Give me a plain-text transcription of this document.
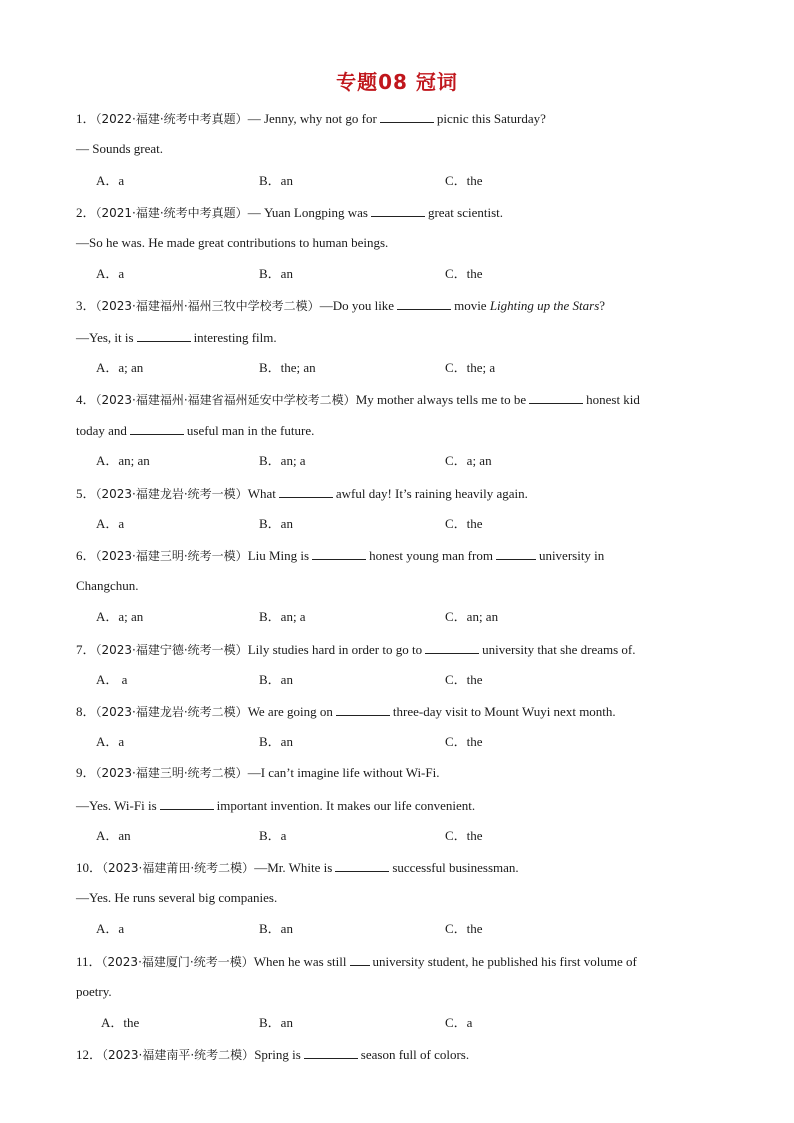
专题08 冠词
1．（2022·福建·统考中考真题）— Jenny, why not go for	picnic this Saturday?
— Sounds great.
A．a	B．an	C．the
2．（2021·福建·统考中考真题）— Yuan Longping was	great scientist.
—So he was. He made great contributions to human beings.
A．a	B．an	C．the
3．（2023·福建福州·福州三牧中学校考二模）—Do you like	movie Lighting up the Stars?
—Yes, it is	interesting film.
A．a; an	B．the; an	C．the; a
4．（2023·福建福州·福建省福州延安中学校考二模）My mother always tells me to be	honest kid
today and	useful man in the future.
A．an; an	B．an; a	C．a; an
5．（2023·福建龙岩·统考一模）What	awful day! It’s raining heavily again.
A．a	B．an	C．the
6．（2023·福建三明·统考一模）Liu Ming is	honest young man from	university in
Changchun.
A．a; an	B．an; a	C．an; an
7．（2023·福建宁德·统考一模）Lily studies hard in order to go to	university that she dreams of.
A． a	B．an	C．the
8．（2023·福建龙岩·统考二模）We are going on	three-day visit to Mount Wuyi next month.
A．a	B．an	C．the
9．（2023·福建三明·统考二模）—I can’t imagine life without Wi-Fi.
—Yes. Wi-Fi is	important invention. It makes our life convenient.
A．an	B．a	C．the
10．（2023·福建莆田·统考二模）—Mr. White is	successful businessman.
—Yes. He runs several big companies.
A．a	B．an	C．the
11．（2023·福建厦门·统考一模）When he was still university student, he published his first volume of
poetry.
A．the	B．an	C．a
12．（2023·福建南平·统考二模）Spring is	season full of colors.
